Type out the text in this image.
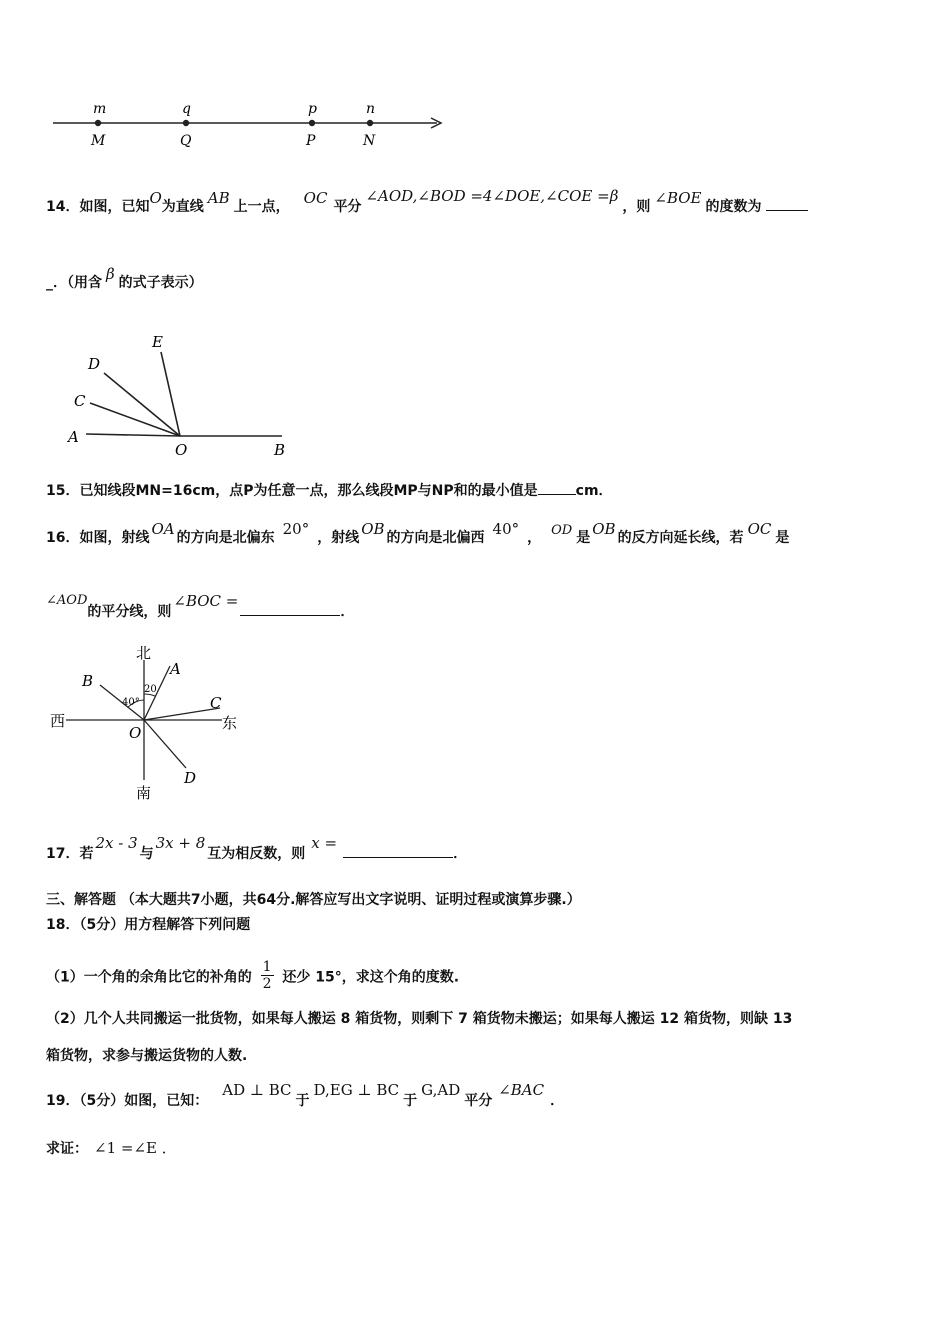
m	q	p	n
M	Q	P	N
14．如图，已知O为直线 AB 上一点， OC 平分∠AOD,∠BOD =4∠DOE,∠COE =β，则 ∠BOE 的度数为
_．（用含 β 的式子表示）
E
D
C
A
O	B
15．已知线段MN=16cm，点P为任意一点，那么线段MP与NP和的最小值是	cm．
16．如图，射线 OA 的方向是北偏东 20° ，射线 OB 的方向是北偏西 40° ， OD 是 OB 的反方向延长线，若 OC 是
∠AOD的平分线，则∠BOC =．
北
南
西	东
A
B
C
D
O
40°
20
17．若2x - 3与3x + 8互为相反数，则x =．
三、解答题 （本大题共7小题，共64分.解答应写出文字说明、证明过程或演算步骤.）
18．（5分）用方程解答下列问题
（1）一个角的余角比它的补角的 $\frac{1}{2}$ 还少 15°，求这个角的度数.
（2）几个人共同搬运一批货物，如果每人搬运 8 箱货物，则剩下 7 箱货物未搬运；如果每人搬运 12 箱货物，则缺 13
箱货物，求参与搬运货物的人数.
19．（5分）如图，已知：AD ⊥ BC于D,EG ⊥ BC于G,AD平分∠BAC．
求证： ∠1 =∠E ．
